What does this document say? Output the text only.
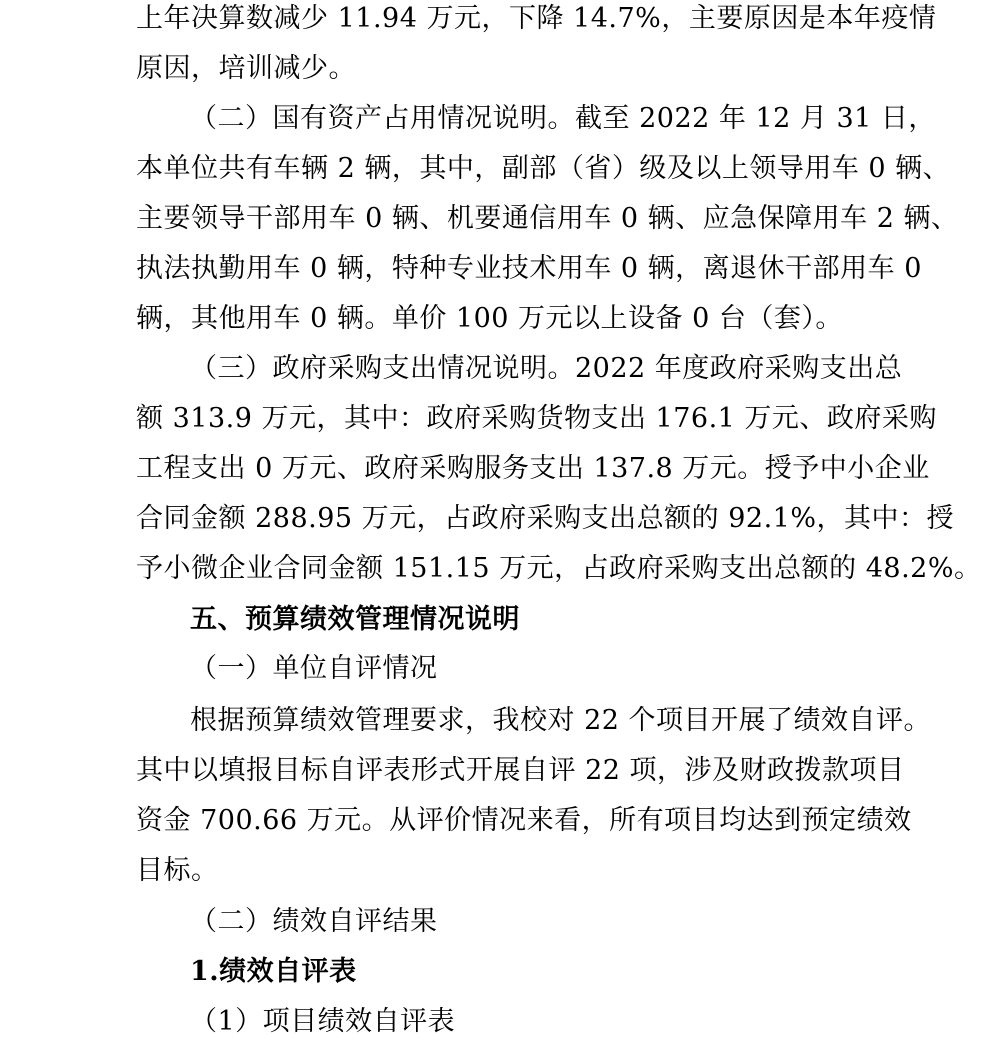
上年决算数减少 11.94 万元，下降 14.7%，主要原因是本年疫情
原因，培训减少。
（二）国有资产占用情况说明。截至 2022 年 12 月 31 日，
本单位共有车辆 2 辆，其中，副部（省）级及以上领导用车 0 辆、
主要领导干部用车 0 辆、机要通信用车 0 辆、应急保障用车 2 辆、
执法执勤用车 0 辆，特种专业技术用车 0 辆，离退休干部用车 0
辆，其他用车 0 辆。单价 100 万元以上设备 0 台（套）。
（三）政府采购支出情况说明。2022 年度政府采购支出总
额 313.9 万元，其中：政府采购货物支出 176.1 万元、政府采购
工程支出 0 万元、政府采购服务支出 137.8 万元。授予中小企业
合同金额 288.95 万元，占政府采购支出总额的 92.1%，其中：授
予小微企业合同金额 151.15 万元，占政府采购支出总额的 48.2%。
五、预算绩效管理情况说明
（一）单位自评情况
根据预算绩效管理要求，我校对 22 个项目开展了绩效自评。
其中以填报目标自评表形式开展自评 22 项，涉及财政拨款项目
资金 700.66 万元。从评价情况来看，所有项目均达到预定绩效
目标。
（二）绩效自评结果
1.绩效自评表
（1）项目绩效自评表
